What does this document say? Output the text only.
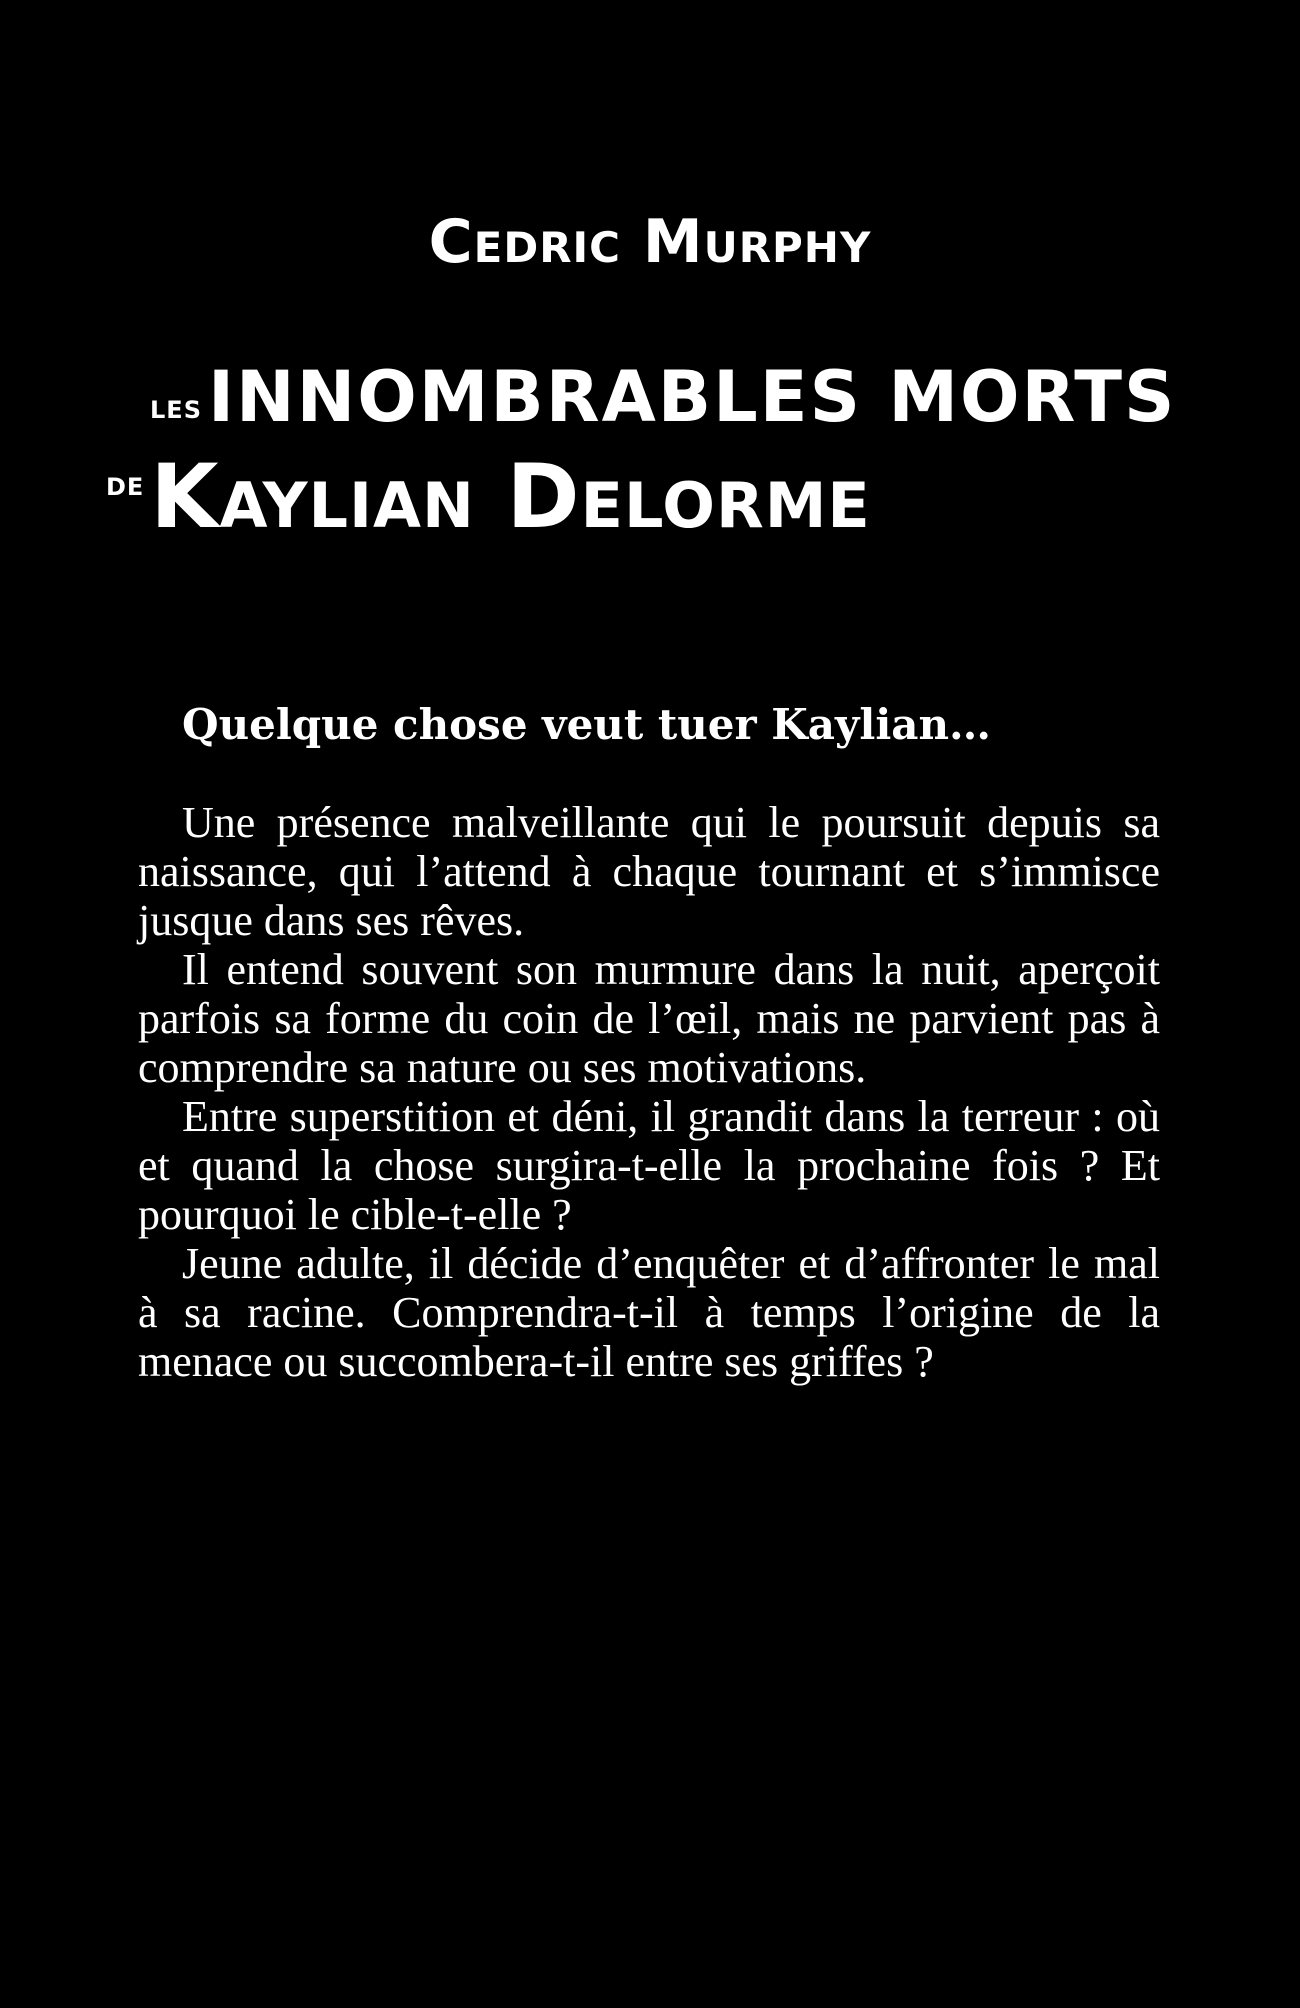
Cedric Murphy
lesINNOMBRABLES MORTS
deKaylian Delorme
Quelque chose veut tuer Kaylian…

Une présence malveillante qui le poursuit depuis sa naissance, qui l’attend à chaque tournant et s’immisce jusque dans ses rêves.

Il entend souvent son murmure dans la nuit, aperçoit parfois sa forme du coin de l’œil, mais ne parvient pas à comprendre sa nature ou ses motivations.

Entre superstition et déni, il grandit dans la terreur : où et quand la chose surgira-t-elle la prochaine fois ? Et pourquoi le cible-t-elle ?

Jeune adulte, il décide d’enquêter et d’affronter le mal à sa racine. Comprendra-t-il à temps l’origine de la menace ou succombera-t-il entre ses griffes ?
